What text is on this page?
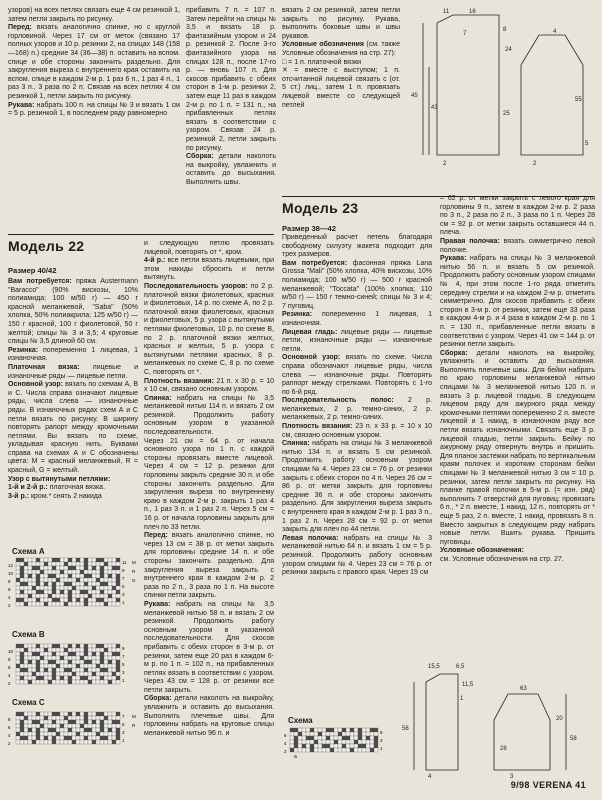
узоров) на всех петлях связать еще 4 см резинкой 1, затем петли закрыть по рисунку.

Перед: вязать аналогично спинке, но с круглой горловиной. Через 17 см от меток (связано 17 полных узоров и 10 р. резинки 2, на спицах 148 (158—168) п.) средние 34 (36—38) п. оставить на вспом. спице и обе стороны закончить раздельно. Для закругления выреза с внутреннего края оставить на вспом. спице в каждом 2-м р. 1 раз 6 п., 1 раз 4 п., 1 раз 3 п., 3 раза по 2 п. Связав на всех петлях 4 см резинкой 1, петли закрыть по рисунку.

Рукава: набрать 100 п. на спицы № 3 и вязать 1 см = 5 р. резинкой 1, в последнем ряду равномерно

прибавить 7 п. = 107 п. Затем перейти на спицы № 3,5 и вязать 18 р. фантазийным узором и 24 р. резинкой 2. После 3-го фантазийного узора на спицах 128 п., после 17-го р. — вновь 107 п. Для скосов прибавить с обеих сторон в 1-м р. резинки 2, затем еще 11 раз в каждом 2-м р. по 1 п. = 131 п., на прибавленных петлях вязать в соответствии с узором. Связав 24 р. резинкой 2, петли закрыть по рисунку.

Сборка: детали наколоть на выкройку, увлажнить и оставить до высыхания. Выполнить швы.

вязать 2 см резинкой, затем петли закрыть по рисунку. Рукава, выполнить боковые швы и швы рукавов.

Условные обозначения (см. также Условные обозначения на стр. 27):

□ = 1 п. платочной вязки

✕ = вместе с выступом; 1 п. отсчитанной лицевой связать с (от. 5 ст.) лиц., затем 1 п. провязать лицевой вместе со следующей петлей

11	16
24
8
7
45
43
25
2
4
55
5
2
Модель 22
Размер 40/42
Модель 23
Размер 38—42

Вам потребуется: пряжа Austermann "Baracco" (90% вискозы, 10% полиамида; 100 м/50 г) — 450 г красной меланжевой, "Saba" (50% хлопка, 50% полиакрила; 125 м/50 г) — 150 г красной, 100 г фиолетовой, 50 г желтой; спицы № 3 и 3,5; 4 круговые спицы № 3,5 длиной 60 см.

Резинка: попеременно 1 лицевая, 1 изнаночная.

Платочная вязка: лицевые и изнаночные ряды — лицевые петли.

Основной узор: вязать по схемам А, В и С. Числа справа означают лицевые ряды, числа слева — изнаночные ряды. В изнаночных рядах схем А и С петли вязать по рисунку. В ширину повторять рапорт между крoмочными петлями. Вы вязать по схеме, укладывая красную нить. Буквами справа на схемах А и С обозначены цвета: М = красный меланжевый, R = красный, G = желтый.

Узор с вытянутыми петлями:

1-й и 2-й р.: платочная вязка.

3-й р.: кром.* снять 2 накида

и следующую петлю провязать лицевой, повторять от *, кром.

4-й р.: все петли вязать лицевыми, при этом накиды сбросить и петли вытянуть.

Последовательность узоров: по 2 р. платочной вязки фиолетовых, красных и фиолетовых, 14 р. по схеме А, по 2 р. платочной вязки фиолетовых, красных и фиолетовых, 5 р. узора с вытянутыми петлями фиолетовых, 10 р. по схеме В, по 2 р. платочной вязки желтых, красных и желтых, 5 р. узора с вытянутыми петлями красных, 8 р. меланжевых по схеме С, 8 р. по схеме С, повторять от *.

Плотность вязания: 21 п. x 30 р. = 10 x 10 см, связано основным узором.

Спинка: набрать на спицы № 3,5 меланжевой нитью 114 п. и вязать 2 см резинкой. Продолжить работу основным узором в указанной последовательности.

Через 21 см = 64 р. от начала основного узора по 1 п. с каждой стороны провязать вместе лицевой. Через 4 см = 12 р. резинки для горловины закрыть средние 30 п. и обе стороны закончить раздельно. Для закругления выреза по внутреннему краю в каждом 2-м р. закрыть 1 раз 4 п., 1 раз 3 п. и 1 раз 2 п. Через 5 см = 16 р. от начала горловины закрыть для плеч по 33 петли.

Перед: вязать аналогично спинке, но через 13 см = 38 р. от метки закрыть для горловины средние 14 п. и обе стороны закончить раздельно. Для закругления выреза закрыть с внутреннего края в каждом 2-м р. 2 раза по 2 п., 3 раза по 1 п. На высоте спинки петли закрыть.

Рукава: набрать на спицы № 3,5 меланжевой нитью 58 п. и вязать 2 см резинкой. Продолжить работу основным узором в указанной последовательности. Для скосов прибавить с обеих сторон в 3-м р. от резинки, затем еще 20 раз в каждом 6-м р. по 1 п. = 102 п., на прибавленных петлях вязать в соответствии с узором. Через 43 см = 128 р. от резинки все петли закрыть.

Сборка: детали наколоть на выкройку, увлажнить и оставить до высыхания. Выполнить плечевые швы. Для горловины набрать на круговые спицы меланжевой нитью 96 п. и

Приведенный расчет петель благодаря свободному силуэту жакета подходит для трех размеров.

Вам потребуется: фасонная пряжа Lana Grossa "Mali" (50% хлопка, 40% вискозы, 10% полиамида; 100 м/50 г) — 500 г красной меланжевой; "Toccata" (100% хлопка; 110 м/50 г) — 150 г темно-синей; спицы № 3 и 4; 7 пуговиц.

Резинка: попеременно 1 лицевая, 1 изнаночная.

Лицевая гладь: лицевые ряды — лицевые петли, изнаночные ряды — изнаночные петли.

Основной узор: вязать по схеме. Числа справа обозначают лицевые ряды, числа слева — изнаночные ряды. Повторять раппорт между стрелками. Повторять с 1-го по 6-й ряд.

Последовательность полос: 2 р. меланжевых, 2 р. темно-синих, 2 р. меланжевых, 2 р. темно-синих.

Плотность вязания: 23 п. x 33 р. = 10 x 10 см, связано основным узором.

Спинка: набрать на спицы № 3 меланжевой нитью 134 п. и вязать 5 см резинкой. Продолжить работу основным узором спицами № 4. Через 23 см = 76 р. от резинки закрыть с обеих сторон по 4 п. Через 26 см = 86 р. от метки закрыть для горловины средние 36 п. и обе стороны закончить раздельно. Для закругления выреза закрыть с внутреннего края в каждом 2-м р. 1 раз 3 п., 1 раз 2 п. Через 28 см = 92 р. от метки закрыть для плеч по 44 петли.

Левая полочка: набрать на спицы № 3 меланжевой нитью 64 п. и вязать 1 см = 5 р. резинкой. Продолжить работу основным узором спицами № 4. Через 23 см = 76 р. от резинки закрыть с правого края. Через 19 см

= 62 р. от метки закрыть с левого края для горловины 9 п., затем в каждом 2-м р. 2 раза по 3 п., 2 раза по 2 п., 3 раза по 1 п. Через 28 см = 92 р. от метки закрыть оставшиеся 44 п. плеча.

Правая полочка: вязать симметрично левой полочке.

Рукава: набрать на спицы № 3 меланжевой нитью 56 п. и вязать 5 см резинкой. Продолжить работу основным узором спицами № 4, при этом после 1-го ряда отметить середину стрелки и на каждом 2-м р. отметить симметрично. Для скосов прибавить с обеих сторон в 3-м р. от резинки, затем еще 33 раза в каждом 4-м р. и 4 раза в каждом 2-м р. по 1 п. = 130 п., прибавленные петли вязать в соответствии с узором. Через 41 см = 144 р. от резинки петли закрыть.

Сборка: детали наколоть на выкройку, увлажнить и оставить до высыхания. Выполнить плечевые швы. Для бейки набрать по краю горловины меланжевой нитью спицами № 3 меланжевой нитью 120 п. и вязать 3 р. лицевой гладью. В следующем лицевом ряду для ажурного ряда между кромочными петлями попеременно 2 п. вместе лицевой и 1 накид, в изнаночном ряду все петли вязать изнаночными. Связать еще 3 р. лицевой гладью, петли закрыть. Бейку по ажурному ряду отвернуть внутрь и пришить. Для планок застежки набрать по вертикальным краям полочек и коротким сторонам бейки спицами № 3 меланжевой нитью 3 см = 10 р. резинки, затем петли закрыть по рисунку. На планке правой полочки в 5-м р. (= изн. ряд) выполнить 7 отверстий для пуговиц: провязать 6 п., * 2 п. вместе, 1 накид, 12 п., повторять от * еще 5 раз, 2 п. вместе, 1 накид, провязать 8 п. Вместо закрытых в следующем ряду набрать новые петли. Вшить рукава. Пришить пуговицы.

Условные обозначения:

см. Условные обозначения на стр. 27.

Схема A
11
9
7
5
3
1
12
10
8
6
4
2
M
R
G
Схема B
9
7
5
3
1
10
8
6
4
2
Схема C
7
5
3
1
8
6
4
2
M
R
Схема
5
3
1
6
4
2
a
15,5	6,5
11,5
1
58
4
63
28
20
58
3
9/98 VERENA 41
